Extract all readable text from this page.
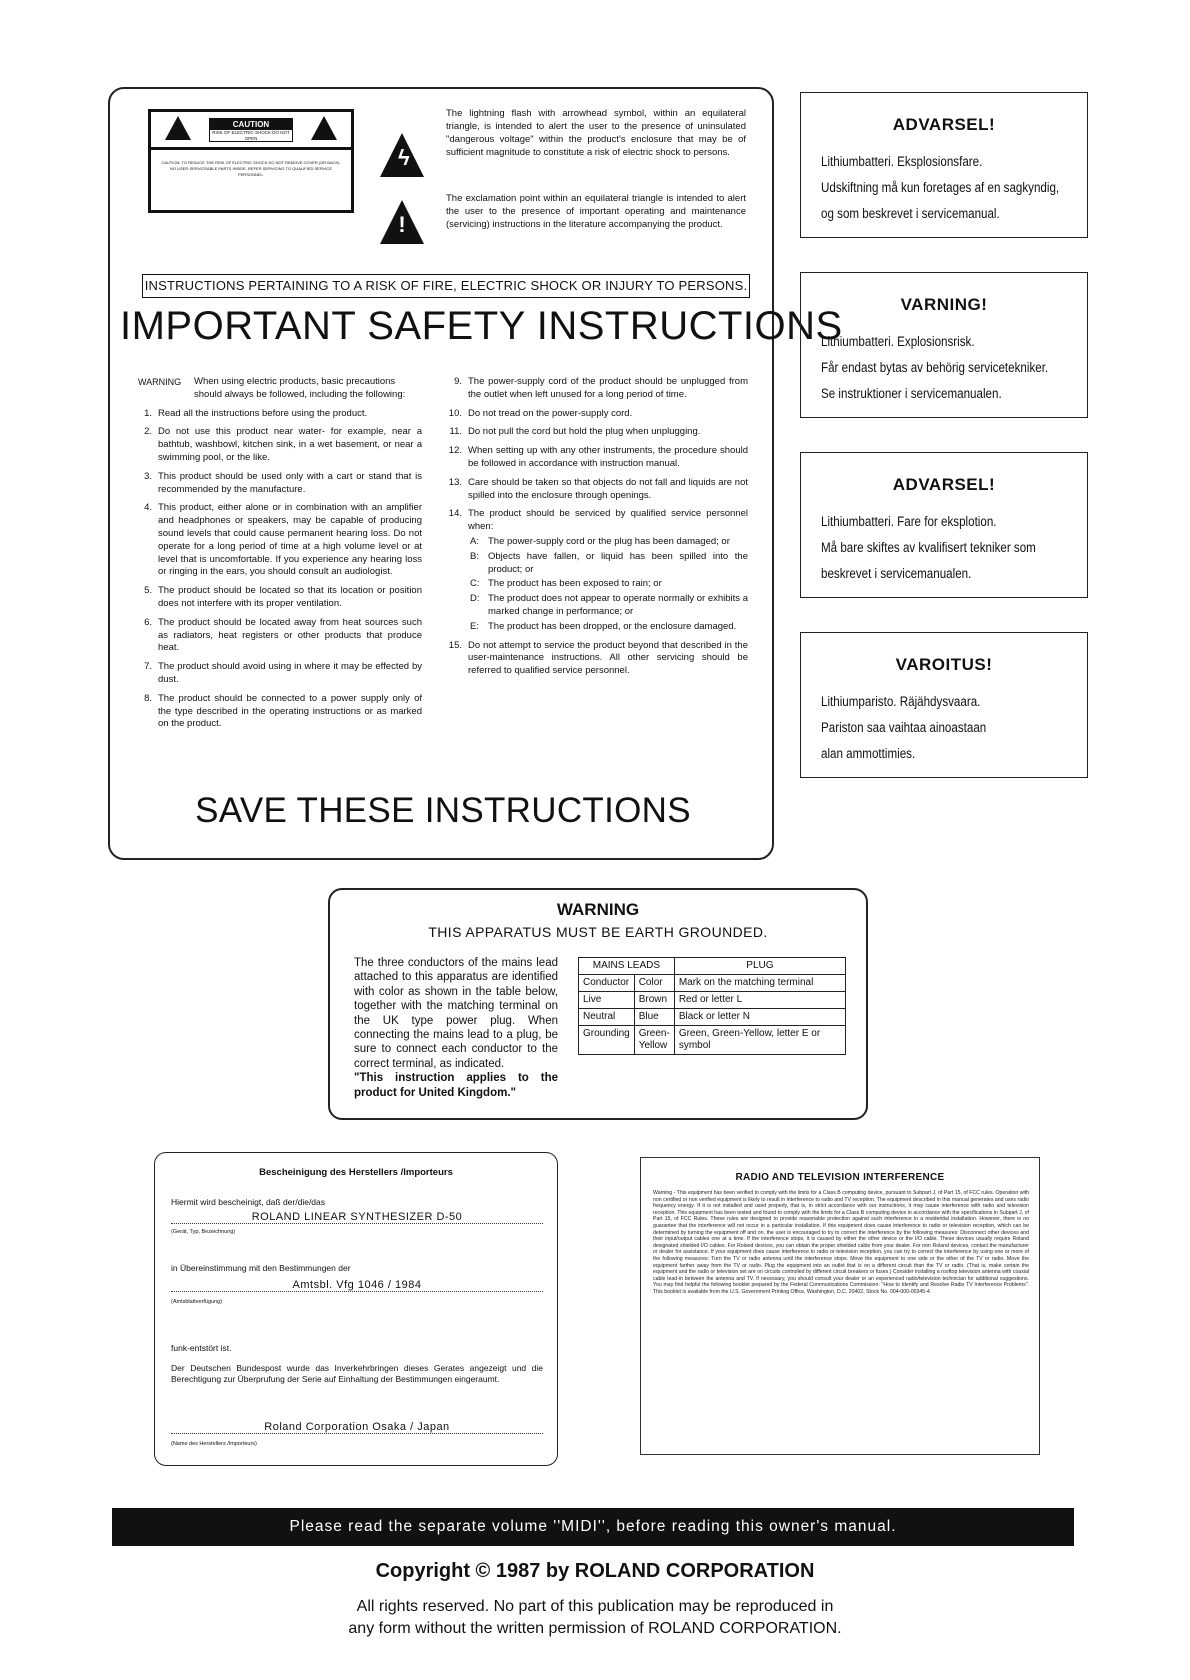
CAUTION
RISK OF ELECTRIC SHOCK DO NOT OPEN
CAUTION: TO REDUCE THE RISK OF ELECTRIC SHOCK DO NOT REMOVE COVER (OR BACK). NO USER-SERVICEABLE PARTS INSIDE. REFER SERVICING TO QUALIFIED SERVICE PERSONNEL.
ϟ
The lightning flash with arrowhead symbol, within an equilateral triangle, is intended to alert the user to the presence of uninsulated "dangerous voltage" within the product's enclosure that may be of sufficient magnitude to constitute a risk of electric shock to persons.
!
The exclamation point within an equilateral triangle is intended to alert the user to the presence of important operating and maintenance (servicing) instructions in the literature accompanying the product.
INSTRUCTIONS PERTAINING TO A RISK OF FIRE, ELECTRIC SHOCK OR INJURY TO PERSONS.
IMPORTANT SAFETY INSTRUCTIONS
WARNING	When using electric products, basic precautions should always be followed, including the following:
1. Read all the instructions before using the product.
2. Do not use this product near water- for example, near a bathtub, washbowl, kitchen sink, in a wet basement, or near a swimming pool, or the like.
3. This product should be used only with a cart or stand that is recommended by the manufacture.
4. This product, either alone or in combination with an amplifier and headphones or speakers, may be capable of producing sound levels that could cause permanent hearing loss. Do not operate for a long period of time at a high volume level or at level that is uncomfortable. If you experience any hearing loss or ringing in the ears, you should consult an audiologist.
5. The product should be located so that its location or position does not interfere with its proper ventilation.
6. The product should be located away from heat sources such as radiators, heat registers or other products that produce heat.
7. The product should avoid using in where it may be effected by dust.
8. The product should be connected to a power supply only of the type described in the operating instructions or as marked on the product.
9. The power-supply cord of the product should be unplugged from the outlet when left unused for a long period of time.
10. Do not tread on the power-supply cord.
11. Do not pull the cord but hold the plug when unplugging.
12. When setting up with any other instruments, the procedure should be followed in accordance with instruction manual.
13. Care should be taken so that objects do not fall and liquids are not spilled into the enclosure through openings.
14. The product should be serviced by qualified service personnel when:
A: The power-supply cord or the plug has been damaged; or
B: Objects have fallen, or liquid has been spilled into the product; or
C: The product has been exposed to rain; or
D: The product does not appear to operate normally or exhibits a marked change in performance; or
E: The product has been dropped, or the enclosure damaged.
15. Do not attempt to service the product beyond that described in the user-maintenance instructions. All other servicing should be referred to qualified service personnel.
SAVE THESE INSTRUCTIONS
ADVARSEL!
Lithiumbatteri. Eksplosionsfare.
Udskiftning må kun foretages af en sagkyndig,
og som beskrevet i servicemanual.
VARNING!
Lithiumbatteri. Explosionsrisk.
Får endast bytas av behörig servicetekniker.
Se instruktioner i servicemanualen.
ADVARSEL!
Lithiumbatteri. Fare for eksplotion.
Må bare skiftes av kvalifisert tekniker som
beskrevet i servicemanualen.
VAROITUS!
Lithiumparisto. Räjähdysvaara.
Pariston saa vaihtaa ainoastaan
alan ammottimies.
WARNING
THIS APPARATUS MUST BE EARTH GROUNDED.
The three conductors of the mains lead attached to this apparatus are identified with color as shown in the table below, together with the matching terminal on the UK type power plug. When connecting the mains lead to a plug, be sure to connect each conductor to the correct terminal, as indicated.
"This instruction applies to the product for United Kingdom."
MAINS LEADS		PLUG
Conductor	Color	Mark on the matching terminal
Live	Brown	Red or letter L
Neutral	Blue	Black or letter N
Grounding	Green-Yellow	Green, Green-Yellow, letter E or symbol
Bescheinigung des Herstellers /Importeurs
Hiermit wird bescheinigt, daß der/die/das
ROLAND LINEAR SYNTHESIZER D-50
(Gerät, Typ, Bezeichnung)
in Übereinstimmung mit den Bestimmungen der
Amtsbl. Vfg 1046 / 1984
(Amtsblattverfügung)
funk-entstört ist.
Der Deutschen Bundespost wurde das Inverkehrbringen dieses Gerates angezeigt und die Berechtigung zur Überprufung der Serie auf Einhaltung der Bestimmungen eingeraumt.
Roland Corporation Osaka / Japan
(Name des Herstellers /Importeurs)
RADIO AND TELEVISION INTERFERENCE
Warning - This equipment has been verified to comply with the limits for a Class B computing device, pursuant to Subpart J, of Part 15, of FCC rules. Operation with non certified or non verified equipment is likely to result in interference to radio and TV reception. The equipment described in this manual generates and uses radio frequency energy. If it is not installed and used properly, that is, in strict accordance with our instructions, it may cause interference with radio and television reception. This equipment has been tested and found to comply with the limits for a Class B computing device in accordance with the specifications in Subpart J, of Part 15, of FCC Rules. These rules are designed to provide reasonable protection against such interference in a residential installation. However, there is no guarantee that the interference will not occur in a particular installation. If this equipment does cause interference to radio or television reception, which can be determined by turning the equipment off and on, the user is encouraged to try to correct the interference by the following measures: Disconnect other devices and their input/output cables one at a time. If the interference stops, it is caused by either the other device or the I/O cable. These devices usually require Roland designated shielded I/O cables. For Roland devices, you can obtain the proper shielded cable from your dealer. For non Roland devices, contact the manufacturer or dealer for assistance. If your equipment does cause interference to radio or television reception, you can try to correct the interference by using one or more of the following measures: Turn the TV or radio antenna until the interference stops. Move the equipment to one side or the other of the TV or radio. Move the equipment farther away from the TV or radio. Plug the equipment into an outlet that is on a different circuit than the TV or radio. (That is, make certain the equipment and the radio or television set are on circuits controlled by different circuit breakers or fuses.) Consider installing a rooftop television antenna with coaxial cable lead-in between the antenna and TV. If necessary, you should consult your dealer or an experienced radio/television technician for additional suggestions. You may find helpful the following booklet prepared by the Federal Communications Commission: "How to Identify and Resolve Radio TV Interference Problems". This booklet is available from the U.S. Government Printing Office, Washington, D.C. 20402, Stock No. 004-000-00345-4.
Please read the separate volume ''MIDI'', before reading this owner's manual.
Copyright © 1987 by ROLAND CORPORATION
All rights reserved. No part of this publication may be reproduced in
any form without the written permission of ROLAND CORPORATION.
